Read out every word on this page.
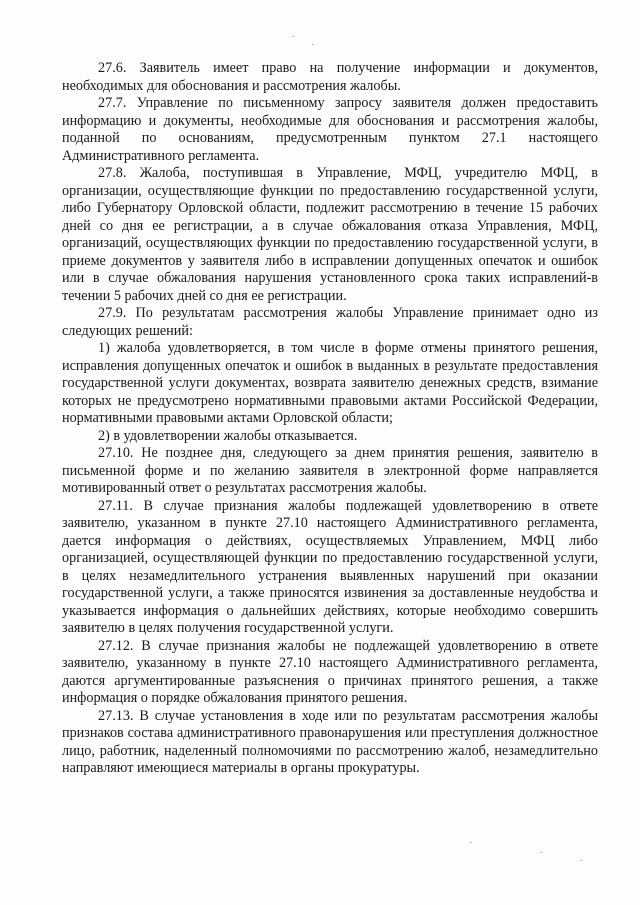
27.6. Заявитель имеет право на получение информации и документов, необходимых для обоснования и рассмотрения жалобы.

27.7. Управление по письменному запросу заявителя должен предоставить информацию и документы, необходимые для обоснования и рассмотрения жалобы, поданной по основаниям, предусмотренным пунктом 27.1 настоящего Административного регламента.

27.8. Жалоба, поступившая в Управление, МФЦ, учредителю МФЦ, в организации, осуществляющие функции по предоставлению государственной услуги, либо Губернатору Орловской области, подлежит рассмотрению в течение 15 рабочих дней со дня ее регистрации, а в случае обжалования отказа Управления, МФЦ, организаций, осуществляющих функции по предоставлению государственной услуги, в приеме документов у заявителя либо в исправлении допущенных опечаток и ошибок или в случае обжалования нарушения установленного срока таких исправлений-в течении 5 рабочих дней со дня ее регистрации.

27.9. По результатам рассмотрения жалобы Управление принимает одно из следующих решений:

1) жалоба удовлетворяется, в том числе в форме отмены принятого решения, исправления допущенных опечаток и ошибок в выданных в результате предоставления государственной услуги документах, возврата заявителю денежных средств, взимание которых не предусмотрено нормативными правовыми актами Российской Федерации, нормативными правовыми актами Орловской области;

2) в удовлетворении жалобы отказывается.

27.10. Не позднее дня, следующего за днем принятия решения, заявителю в письменной форме и по желанию заявителя в электронной форме направляется мотивированный ответ о результатах рассмотрения жалобы.

27.11. В случае признания жалобы подлежащей удовлетворению в ответе заявителю, указанном в пункте 27.10 настоящего Административного регламента, дается информация о действиях, осуществляемых Управлением, МФЦ либо организацией, осуществляющей функции по предоставлению государственной услуги, в целях незамедлительного устранения выявленных нарушений при оказании государственной услуги, а также приносятся извинения за доставленные неудобства и указывается информация о дальнейших действиях, которые необходимо совершить заявителю в целях получения государственной услуги.

27.12. В случае признания жалобы не подлежащей удовлетворению в ответе заявителю, указанному в пункте 27.10 настоящего Административного регламента, даются аргументированные разъяснения о причинах принятого решения, а также информация о порядке обжалования принятого решения.

27.13. В случае установления в ходе или по результатам рассмотрения жалобы признаков состава административного правонарушения или преступления должностное лицо, работник, наделенный полномочиями по рассмотрению жалоб, незамедлительно направляют имеющиеся материалы в органы прокуратуры.
